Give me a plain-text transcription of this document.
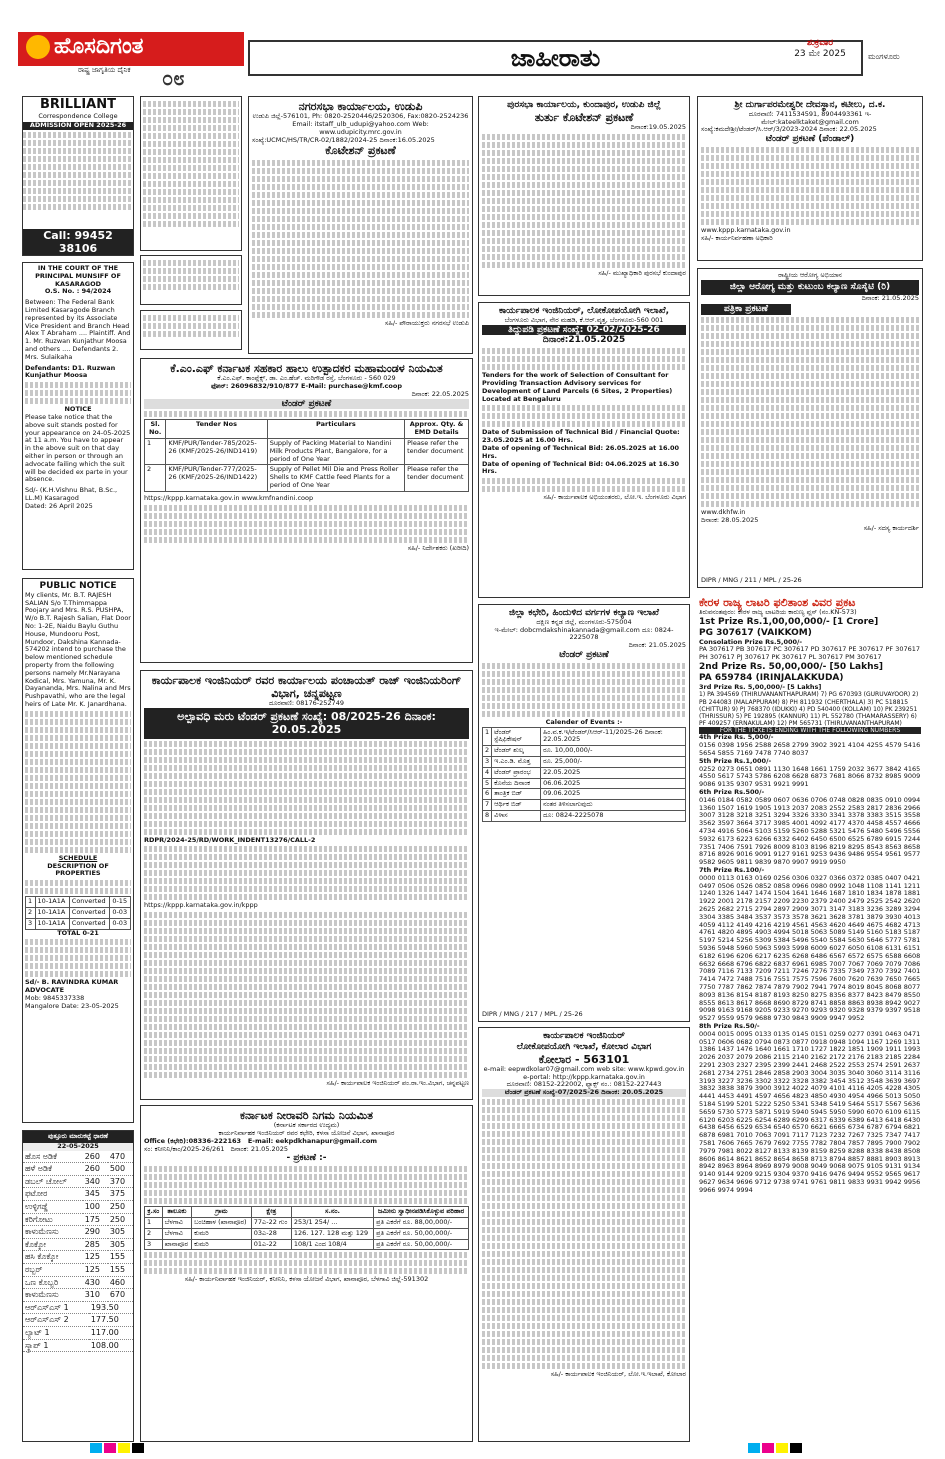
ಹೊಸದಿಗಂತ
ರಾಷ್ಟ್ರ ಜಾಗೃತಿಯ ದೈನಿಕ ೦೮
ಜಾಹೀರಾತು
ಶುಕ್ರವಾರ
23 ಮೇ 2025	ಮಂಗಳೂರು
BRILLIANT
Correspondence College
ADMISSION OPEN 2025-26
Call: 99452 38106
IN THE COURT OF THE PRINCIPAL MUNSIFF OF KASARAGOD
O.S. No. : 94/2024
Between: The Federal Bank Limited Kasaragode Branch represented by its Associate Vice President and Branch Head Alex T Abraham .... Plaintiff. And 1. Mr. Ruzwan Kunjathur Moosa and others .... Defendants 2. Mrs. Sulaikaha
Defendants: D1. Ruzwan Kunjathur Moosa
NOTICE
Please take notice that the above suit stands posted for your appearance on 24-05-2025 at 11 a.m. You have to appear in the above suit on that day either in person or through an advocate failing which the suit will be decided ex parte in your absence.
Sd/- (K.H.Vishnu Bhat, B.Sc., LL.M) Kasaragod
Dated: 26 April 2025
PUBLIC NOTICE
My clients, Mr. B.T. RAJESH SALIAN S/o T.Thimmappa Poojary and Mrs. R.S. PUSHPA, W/o B.T. Rajesh Salian, Flat Door No: 1-2E, Naidu Baylu Guthu House, Mundooru Post, Mundoor, Dakshina Kannada-574202 intend to purchase the below mentioned schedule property from the following persons namely Mr.Narayana Kodical, Mrs. Yamuna, Mr. K. Dayananda, Mrs. Nalina and Mrs Pushpavathi, who are the legal heirs of Late Mr. K. Janardhana.
SCHEDULE
DESCRIPTION OF PROPERTIES
1	10-1A1A	Converted	0-15
2	10-1A1A	Converted	0-03
3	10-1A1A	Converted	0-03
TOTAL 0-21
Sd/- B. RAVINDRA KUMAR ADVOCATE
Mob: 9845337338
Mangalore Date: 23-05-2025
ಪುತ್ತೂರು ಮಾರುಕಟ್ಟೆ ಧಾರಣೆ
22-05-2025
ಹೊಸ ಅಡಿಕೆ	260	470
ಹಳೆ ಅಡಿಕೆ	260	500
ಡಬಲ್ ಚೋಲ್	340	370
ಫಟೋರ	345	375
ಉಳ್ಳಿಗಡ್ಡೆ	100	250
ಕರಿಗೋಟು	175	250
ಕಾಳುಮೆಣಸು	290	305
ಕೊಕ್ಕೋ	285	305
ಹಸಿ ಕೊಕ್ಕೋ	125	155
ರಬ್ಬರ್	125	155
ಒಣ ಕೊಬ್ಬರಿ	430	460
ಕಾಳುಮೆಣಸು	310	670
ಆರ್‌ಎಸ್‌ಎಸ್ 1	193.50
ಆರ್‌ಎಸ್‌ಎಸ್ 2	177.50
ಲ್ಯಾಟ್ 1	117.00
ಸ್ಕ್ರಾಪ್ 1	108.00
ನಗರಸಭಾ ಕಾರ್ಯಾಲಯ, ಉಡುಪಿ
ಉಡುಪಿ ಜಿಲ್ಲೆ-576101, Ph: 0820-2520446/2520306, Fax:0820-2524236
Email: itstaff_ulb_udupi@yahoo.com Web: www.udupicity.mrc.gov.in
ಸಂಖ್ಯೆ:UCMC/HS/TR/CR-02/1882/2024-25 ದಿನಾಂಕ:16.05.2025
ಕೊಟೇಶನ್ ಪ್ರಕಟಣೆ
ಸಹಿ/- ಪೌರಾಯುಕ್ತರು ನಗರಸಭೆ ಉಡುಪಿ
ಪುರಸಭಾ ಕಾರ್ಯಾಲಯ, ಕುಂದಾಪುರ, ಉಡುಪಿ ಜಿಲ್ಲೆ
ತುರ್ತು ಕೊಟೇಶನ್ ಪ್ರಕಟಣೆ
ದಿನಾಂಕ:19.05.2025
ಸಹಿ/- ಮುಖ್ಯಾಧಿಕಾರಿ ಪುರಸಭೆ ಕುಂದಾಪುರ
ಶ್ರೀ ದುರ್ಗಾಪರಮೇಶ್ವರೀ ದೇವಸ್ಥಾನ, ಕಟೀಲು, ದ.ಕ.
ದೂರವಾಣಿ: 7411534591, 8904493361 ಇ-ಮೇಲ್:kateelktaket@gmail.com
ಸಂಖ್ಯೆ:ಕಮದೇಶ್ರೀ/ಟೆಂಡರ್/ಸಿ.ಆರ್/3/2023-2024 ದಿನಾಂಕ: 22.05.2025
ಟೆಂಡರ್ ಪ್ರಕಟಣೆ (ಪೆಂಡಾಲ್)
www.kppp.karnataka.gov.in
ಸಹಿ/- ಕಾರ್ಯನಿರ್ವಹಣಾ ಅಧಿಕಾರಿ
ರಾಷ್ಟ್ರೀಯ ಆರೋಗ್ಯ ಅಭಿಯಾನ
ಜಿಲ್ಲಾ ಆರೋಗ್ಯ ಮತ್ತು ಕುಟುಂಬ ಕಲ್ಯಾಣ ಸೊಸೈಟಿ (ರಿ)
ದಿನಾಂಕ: 21.05.2025
ಪತ್ರಿಕಾ ಪ್ರಕಟಣೆ
www.dkhfw.in
ದಿನಾಂಕ: 28.05.2025
ಸಹಿ/- ಸದಸ್ಯ ಕಾರ್ಯದರ್ಶಿ
DIPR / MNG / 211 / MPL / 25-26
ಕೆ.ಎಂ.ಎಫ್ ಕರ್ನಾಟಕ ಸಹಕಾರ ಹಾಲು ಉತ್ಪಾದಕರ ಮಹಾಮಂಡಳ ನಿಯಮಿತ
ಕೆ.ಎಂ.ಎಫ್. ಕಾಂಪ್ಲೆಕ್ಸ್, ಡಾ. ಎಂ.ಹೆಚ್. ಮರಿಗೌಡ ರಸ್ತೆ, ಬೆಂಗಳೂರು - 560 029
ಫೋನ್: 26096832/910/877 E-Mail: purchase@kmf.coop
ದಿನಾಂಕ: 22.05.2025
ಟೆಂಡರ್ ಪ್ರಕಟಣೆ
Sl. No.	Tender Nos	Particulars	Approx. Qty. & EMD Details
1	KMF/PUR/Tender-785/2025-26 (KMF/2025-26/IND1419)	Supply of Packing Material to Nandini Milk Products Plant, Bangalore, for a period of One Year	Please refer the tender document
2	KMF/PUR/Tender-777/2025-26 (KMF/2025-26/IND1422)	Supply of Pellet Mil Die and Press Roller Shells to KMF Cattle feed Plants for a period of One Year	Please refer the tender document
https://kppp.karnataka.gov.in www.kmfnandini.coop
ಸಹಿ/- ನಿರ್ದೇಶಕರು (ಖರೀದಿ)
ಕಾರ್ಯಪಾಲಕ ಇಂಜಿನಿಯರ್, ಲೋಕೋಪಯೋಗಿ ಇಲಾಖೆ,
ಬೆಂಗಳೂರು ವಿಭಾಗ, ನೇರ ಮಹಡಿ, ಕೆ.ಆರ್.ವೃತ್ತ, ಬೆಂಗಳೂರು-560 001
ತಿದ್ದುಪಡಿ ಪ್ರಕಟಣೆ ಸಂಖ್ಯೆ: 02-02/2025-26
ದಿನಾಂಕ:21.05.2025
Tenders for the work of Selection of Consultant for Providing Transaction Advisory services for Development of Land Parcels (6 Sites, 2 Properties) Located at Bengaluru
Date of Submission of Technical Bid / Financial Quote: 23.05.2025 at 16.00 Hrs.
Date of opening of Technical Bid: 26.05.2025 at 16.00 Hrs.
Date of opening of Technical Bid: 04.06.2025 at 16.30 Hrs.
ಸಹಿ/- ಕಾರ್ಯಪಾಲಕ ಅಭಿಯಂತರರು, ಲೋ.ಇ. ಬೆಂಗಳೂರು ವಿಭಾಗ
ಕಾರ್ಯಪಾಲಕ ಇಂಜಿನಿಯರ್ ರವರ ಕಾರ್ಯಾಲಯ ಪಂಚಾಯತ್ ರಾಜ್ ಇಂಜಿನಿಯರಿಂಗ್ ವಿಭಾಗ, ಚನ್ನಪಟ್ಟಣ
ದೂರವಾಣಿ: 08176-252749
ಅಲ್ಪಾವಧಿ ಮರು ಟೆಂಡರ್ ಪ್ರಕಟಣೆ ಸಂಖ್ಯೆ: 08/2025-26 ದಿನಾಂಕ: 20.05.2025
RDPR/2024-25/RD/WORK_INDENT13276/CALL-2
https://kppp.karnataka.gov.in/kppp
ಸಹಿ/- ಕಾರ್ಯಪಾಲಕ ಇಂಜಿನಿಯರ್ ಪಂ.ರಾ.ಇಂ.ವಿಭಾಗ, ಚನ್ನಪಟ್ಟಣ
ಜಿಲ್ಲಾ ಕಛೇರಿ, ಹಿಂದುಳಿದ ವರ್ಗಗಳ ಕಲ್ಯಾಣ ಇಲಾಖೆ
ದಕ್ಷಿಣ ಕನ್ನಡ ಜಿಲ್ಲೆ, ಮಂಗಳೂರು-575004
ಇ-ಮೇಲ್: dobcmdakshinakannada@gmail.com ದೂ: 0824-2225078
ದಿನಾಂಕ: 21.05.2025
ಟೆಂಡರ್ ಪ್ರಕಟಣೆ
Calender of Events :-
1	ಟೆಂಡರ್ ಸ್ಪೆಷಿಫಿಕೇಷನ್	ಹಿಂ.ವ.ಕ.ಇ/ಟೆಂಡರ್/ಸಿಆರ್-11/2025-26 ದಿನಾಂಕ: 22.05.2025
2	ಟೆಂಡರ್ ಶುಲ್ಕ	ರೂ. 10,00,000/-
3	ಇ.ಎಂ.ಡಿ. ಮೊತ್ತ	ರೂ. 25,000/-
4	ಟೆಂಡರ್ ಪ್ರಾರಂಭ	22.05.2025
5	ಕೊನೆಯ ದಿನಾಂಕ	06.06.2025
6	ತಾಂತ್ರಿಕ ಬಿಡ್	09.06.2025
7	ಆರ್ಥಿಕ ಬಿಡ್	ನಂತರ ತಿಳಿಸಲಾಗುವುದು
8	ವಿಳಾಸ	ದೂ: 0824-2225078
DIPR / MNG / 217 / MPL / 25-26
ಕಾರ್ಯಪಾಲಕ ಇಂಜಿನಿಯರ್
ಲೋಕೋಪಯೋಗಿ ಇಲಾಖೆ, ಕೋಲಾರ ವಿಭಾಗ
ಕೋಲಾರ - 563101
e-mail: eepwdkolar07@gmail.com web site: www.kpwd.gov.in e-portal: http://kppp.karnataka.gov.in
ದೂರವಾಣಿ: 08152-222002, ಫ್ಯಾಕ್ಸ್ ನಂ.: 08152-227443
ಟೆಂಡರ್ ಪ್ರಕಟಣೆ ಸಂಖ್ಯೆ-07/2025-26 ದಿನಾಂಕ: 20.05.2025
ಸಹಿ/- ಕಾರ್ಯಪಾಲಕ ಇಂಜಿನಿಯರ್, ಲೋ.ಇ.ಇಲಾಖೆ, ಕೋಲಾರ
ಕರ್ನಾಟಕ ನೀರಾವರಿ ನಿಗಮ ನಿಯಮಿತ
(ಕರ್ನಾಟಕ ಸರ್ಕಾರದ ಉದ್ಯಮ)
ಕಾರ್ಯನಿರ್ವಾಹಕ ಇಂಜಿನಿಯರ್ ರವರ ಕಛೇರಿ, ಕಳಸಾ ಯೋಜನೆ ವಿಭಾಗ, ಖಾನಾಪೂರ
Office (ಕಛೇರಿ):08336-222163 E-mail: eekpdkhanapur@gmail.com
ಸಂ: ಕನೀನಿನಿ/ಕಾಂ/2025-26/261 ದಿನಾಂಕ: 21.05.2025
- ಪ್ರಕಟಣೆ :-
ಕ್ರ.ಸಂ	ತಾಲೂಕು	ಗ್ರಾಮ	ಕ್ಷೇತ್ರ	ಸ.ನಂ.	ಜಮೀನು ಸ್ವಾಧೀನಪಡಿಸಿಕೊಳ್ಳುವ ಪರಿಹಾರ
1	ಬೆಳಗಾವಿ	ಬಂಚಿಹಾಳ (ಖಾನಾಪೂರ)	77ಎ-22 ಗುಂ	253/1 254/ ...	ಪ್ರತಿ ಎಕರೆಗೆ ರೂ. 88,00,000/-
2	ಬೆಳಗಾವಿ	ಕುಮರಿ	03ಎ-28	126. 127. 128 ಮತ್ತು 129	ಪ್ರತಿ ಎಕರೆಗೆ ರೂ. 50,00,000/-
3	ಖಾನಾಪೂರ	ಕುಮರಿ	01ಎ-22	108/1 ಎಂದ 108/4	ಪ್ರತಿ ಎಕರೆಗೆ ರೂ. 50,00,000/-
ಸಹಿ/- ಕಾರ್ಯನಿರ್ವಾಹಕ ಇಂಜಿನಿಯರ್, ಕನೀನಿನಿ, ಕಳಸಾ ಯೋಜನೆ ವಿಭಾಗ, ಖಾನಾಪೂರ, ಬೆಳಗಾವಿ ಜಿಲ್ಲೆ-591302
ಕೇರಳ ರಾಜ್ಯ ಲಾಟರಿ ಫಲಿತಾಂಶ ವಿವರ ಪ್ರಕಟ
ತಿರುವನಂತಪುರಂ: ಕೇರಳ ರಾಜ್ಯ ಲಾಟರಿಯ ಕಾರುಣ್ಯ ಪ್ಲಸ್ (ನಂ.KN-573)
1st Prize Rs.1,00,00,000/- [1 Crore]
PG 307617 (VAIKKOM)
Consolation Prize Rs.5,000/-
PA 307617 PB 307617 PC 307617 PD 307617 PE 307617 PF 307617 PH 307617 PJ 307617 PK 307617 PL 307617 PM 307617
2nd Prize Rs. 50,00,000/- [50 Lakhs]
PA 659784 (IRINJALAKKUDA)
3rd Prize Rs. 5,00,000/- [5 Lakhs]
1) PA 394569 (THIRUVANANTHAPURAM) 7) PG 670393 (GURUVAYOOR) 2) PB 244083 (MALAPPURAM) 8) PH 811932 (CHERTHALA) 3) PC 518815 (CHITTUR) 9) PJ 768370 (IDUKKI) 4) PD 540400 (KOLLAM) 10) PK 239251 (THRISSUR) 5) PE 192895 (KANNUR) 11) PL 552780 (THAMARASSERY) 6) PF 409257 (ERNAKULAM) 12) PM 565731 (THIRUVANANTHAPURAM)
FOR THE TICKETS ENDING WITH THE FOLLOWING NUMBERS
4th Prize Rs. 5,000/-
0156 0398 1956 2588 2658 2799 3902 3921 4104 4255 4579 5416 5654 5855 7169 7478 7740 8037
5th Prize Rs.1,000/-
0252 0273 0651 0891 1130 1648 1661 1759 2032 3677 3842 4165 4550 5617 5743 5786 6208 6628 6873 7681 8066 8732 8985 9009 9086 9135 9307 9531 9921 9991
6th Prize Rs.500/-
0146 0184 0582 0589 0607 0636 0706 0748 0828 0835 0910 0994 1360 1507 1619 1905 1913 2037 2083 2552 2583 2817 2836 2966 3007 3128 3218 3251 3294 3326 3330 3341 3378 3383 3515 3558 3562 3597 3664 3717 3985 4001 4092 4177 4370 4458 4557 4666 4734 4916 5064 5103 5159 5260 5288 5321 5476 5480 5496 5556 5932 6173 6223 6266 6332 6402 6450 6500 6525 6789 6915 7244 7351 7406 7591 7926 8009 8103 8196 8219 8295 8543 8563 8658 8716 8926 9016 9091 9127 9161 9253 9436 9486 9554 9561 9577 9582 9605 9811 9839 9870 9907 9919 9950
7th Prize Rs.100/-
0000 0113 0163 0169 0256 0306 0327 0366 0372 0385 0407 0421 0497 0506 0526 0852 0858 0966 0980 0992 1048 1108 1141 1211 1240 1326 1447 1474 1504 1641 1646 1687 1810 1834 1878 1881 1922 2001 2178 2157 2209 2230 2379 2400 2479 2525 2542 2620 2625 2682 2715 2794 2897 2909 3071 3147 3183 3236 3289 3294 3304 3385 3484 3537 3573 3578 3621 3628 3781 3879 3930 4013 4059 4112 4149 4216 4219 4561 4563 4620 4649 4675 4682 4713 4761 4820 4895 4903 4994 5018 5063 5089 5149 5160 5183 5187 5197 5214 5256 5309 5384 5496 5540 5584 5630 5646 5777 5781 5936 5948 5960 5963 5993 5998 6009 6027 6050 6108 6131 6151 6182 6196 6206 6217 6235 6268 6486 6567 6572 6575 6588 6608 6632 6668 6796 6822 6837 6961 6985 7007 7067 7069 7079 7086 7089 7116 7133 7209 7211 7246 7276 7335 7349 7370 7392 7401 7414 7472 7488 7516 7551 7575 7596 7600 7620 7639 7650 7665 7750 7787 7862 7874 7879 7902 7941 7974 8019 8045 8068 8077 8093 8136 8154 8187 8193 8250 8275 8356 8377 8423 8479 8550 8555 8613 8617 8668 8690 8729 8741 8858 8863 8938 8942 9027 9098 9163 9168 9205 9233 9270 9293 9320 9328 9379 9397 9518 9527 9559 9579 9688 9730 9843 9909 9947 9952
8th Prize Rs.50/-
0004 0015 0095 0133 0135 0145 0151 0259 0277 0391 0463 0471 0517 0606 0682 0794 0873 0877 0918 0948 1094 1167 1269 1311 1386 1437 1476 1640 1661 1710 1727 1822 1851 1909 1911 1993 2026 2037 2079 2086 2115 2140 2162 2172 2176 2183 2185 2284 2291 2303 2327 2395 2399 2441 2468 2522 2553 2574 2591 2637 2681 2734 2751 2846 2858 2903 3004 3035 3040 3060 3114 3116 3193 3227 3236 3302 3322 3328 3382 3454 3512 3548 3639 3697 3832 3838 3879 3900 3912 4022 4079 4101 4116 4205 4228 4305 4441 4453 4491 4597 4656 4823 4850 4930 4954 4966 5013 5050 5184 5199 5201 5222 5250 5341 5348 5419 5464 5517 5567 5636 5659 5730 5773 5871 5919 5940 5945 5950 5990 6070 6109 6115 6120 6203 6225 6254 6289 6299 6317 6339 6389 6413 6418 6430 6438 6456 6529 6534 6540 6570 6621 6665 6734 6787 6794 6821 6878 6981 7010 7063 7091 7117 7123 7232 7267 7325 7347 7417 7581 7606 7665 7679 7692 7755 7782 7804 7857 7895 7900 7902 7979 7981 8022 8127 8133 8139 8159 8259 8288 8338 8438 8508 8606 8614 8621 8652 8654 8658 8713 8794 8857 8881 8903 8913 8942 8963 8964 8969 8979 9008 9049 9068 9075 9105 9131 9134 9140 9144 9209 9215 9304 9370 9416 9476 9494 9552 9565 9617 9627 9634 9696 9712 9738 9741 9761 9811 9833 9931 9942 9956 9966 9974 9994
